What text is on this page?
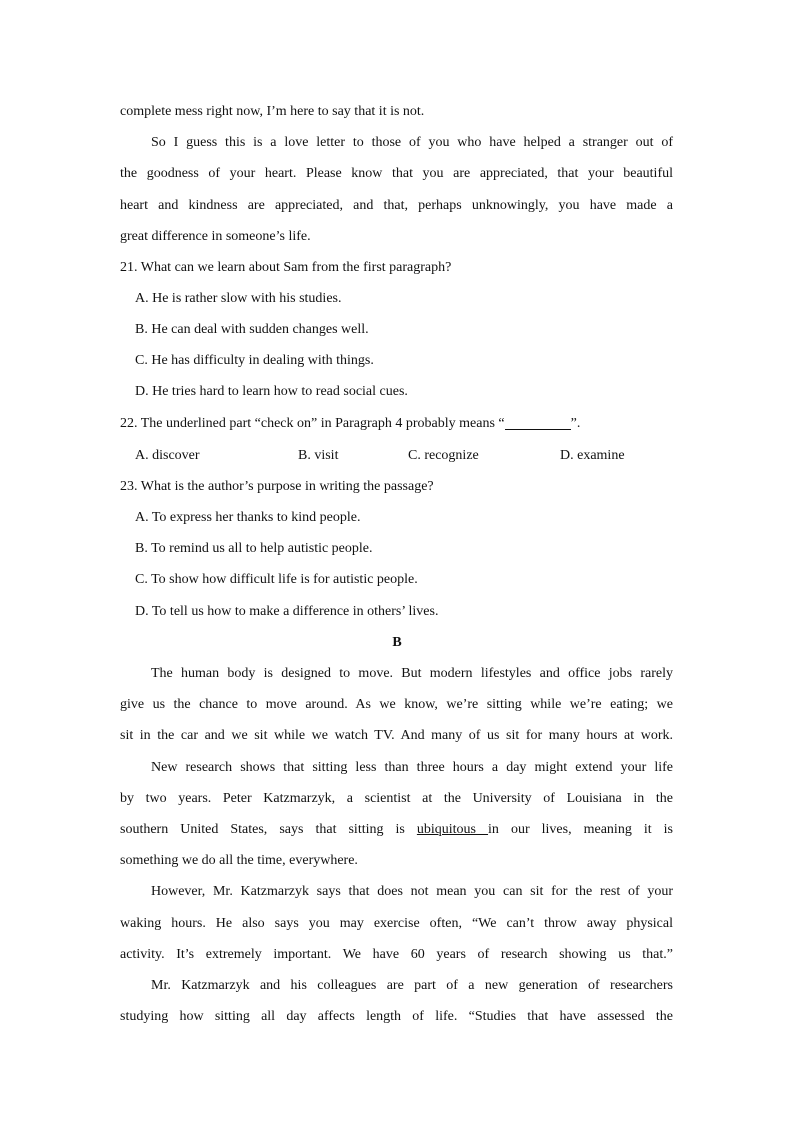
complete mess right now, I’m here to say that it is not.
So I guess this is a love letter to those of you who have helped a stranger out of
the goodness of your heart. Please know that you are appreciated, that your beautiful
heart and kindness are appreciated, and that, perhaps unknowingly, you have made a
great difference in someone’s life.
21. What can we learn about Sam from the first paragraph?
A. He is rather slow with his studies.
B. He can deal with sudden changes well.
C. He has difficulty in dealing with things.
D. He tries hard to learn how to read social cues.
22. The underlined part “check on” in Paragraph 4 probably means “	”.
A. discover	B. visit	C. recognize	D. examine
23. What is the author’s purpose in writing the passage?
A. To express her thanks to kind people.
B. To remind us all to help autistic people.
C. To show how difficult life is for autistic people.
D. To tell us how to make a difference in others’ lives.
B
The human body is designed to move. But modern lifestyles and office jobs rarely
give us the chance to move around. As we know, we’re sitting while we’re eating; we
sit in the car and we sit while we watch TV. And many of us sit for many hours at work.
New research shows that sitting less than three hours a day might extend your life
by two years. Peter Katzmarzyk, a scientist at the University of Louisiana in the
southern United States, says that sitting is ubiquitous in our lives, meaning it is
something we do all the time, everywhere.
However, Mr. Katzmarzyk says that does not mean you can sit for the rest of your
waking hours. He also says you may exercise often, “We can’t throw away physical
activity. It’s extremely important. We have 60 years of research showing us that.”
Mr. Katzmarzyk and his colleagues are part of a new generation of researchers
studying how sitting all day affects length of life. “Studies that have assessed the
